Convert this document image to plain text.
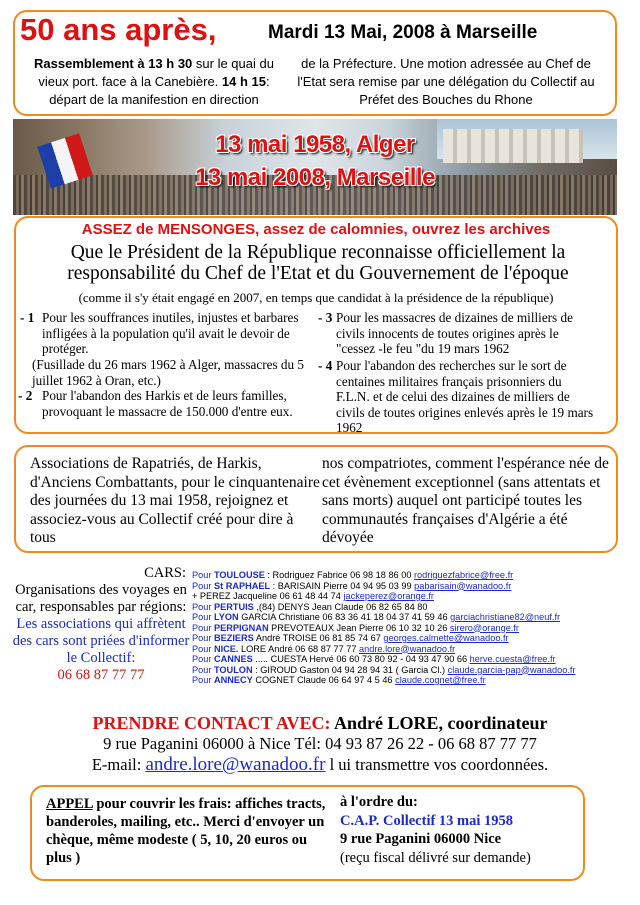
50 ans après,	Mardi 13 Mai, 2008 à Marseille
Rassemblement à 13 h 30 sur le quai du vieux port. face à la Canebière. 14 h 15: départ de la manifestion en direction
de la Préfecture. Une motion adressée au Chef de l'Etat sera remise par une délégation du Collectif au Préfet des Bouches du Rhone
13 mai 1958, Alger
13 mai 2008, Marseille
ASSEZ de MENSONGES, assez de calomnies, ouvrez les archives
Que le Président de la République reconnaisse officiellement la responsabilité du Chef de l'Etat et du Gouvernement de l'époque
(comme il s'y était engagé en 2007, en temps que candidat à la présidence de la république)
- 1 Pour les souffrances inutiles, injustes et barbares infligées à la population qu'il avait le devoir de protéger.
(Fusillade du 26 mars 1962 à Alger, massacres du 5 juillet 1962 à Oran, etc.)
- 2 Pour l'abandon des Harkis et de leurs familles, provoquant le massacre de 150.000 d'entre eux.
- 3 Pour les massacres de dizaines de milliers de civils innocents de toutes origines après le "cessez -le feu "du 19 mars 1962
- 4 Pour l'abandon des recherches sur le sort de centaines militaires français prisonniers du F.L.N. et de celui des dizaines de milliers de civils de toutes origines enlevés après le 19 mars 1962
Associations de Rapatriés, de Harkis, d'Anciens Combattants, pour le cinquantenaire des journées du 13 mai 1958, rejoignez et associez-vous au Collectif créé pour dire à tous
nos compatriotes, comment l'espérance née de cet évènement exceptionnel (sans attentats et sans morts) auquel ont participé toutes les communautés françaises d'Algérie a été dévoyée
CARS:
Organisations des voyages en car, responsables par régions:
Les associations qui affrètent des cars sont priées d'informer le Collectif:
06 68 87 77 77
Pour TOULOUSE : Rodriguez Fabrice 06 98 18 86 00 rodriguezfabrice@free.fr
Pour St RAPHAEL : BARISAIN Pierre 04 94 95 03 99 pabarisain@wanadoo.fr
+ PEREZ Jacqueline 06 61 48 44 74 jackeperez@orange.fr
Pour PERTUIS ,(84) DENYS Jean Claude 06 82 65 84 80
Pour LYON GARCIA Christiane 06 83 36 41 18 04 37 41 59 46 garciachristiane82@neuf.fr
Pour PERPIGNAN PREVOTEAUX Jean Pierre 06 10 32 10 26 sirero@orange.fr
Pour BEZIERS André TROISE 06 81 85 74 67 georges.calmette@wanadoo.fr
Pour NICE. LORE André 06 68 87 77 77 andre.lore@wanadoo.fr
Pour CANNES ..... CUESTA Hervé 06 60 73 80 92 - 04 93 47 90 66 herve.cuesta@free.fr
Pour TOULON : GIROUD Gaston 04 94 28 94 31 ( Garcia Cl.) claude.garcia-pap@wanadoo.fr
Pour ANNECY COGNET Claude 06 64 97 4 5 46 claude.cognet@free.fr
PRENDRE CONTACT AVEC: André LORE, coordinateur
9 rue Paganini 06000 à Nice Tél: 04 93 87 26 22 - 06 68 87 77 77
E-mail: andre.lore@wanadoo.fr l ui transmettre vos coordonnées.
APPEL pour couvrir les frais: affiches tracts, banderoles, mailing, etc.. Merci d'envoyer un chèque, même modeste ( 5, 10, 20 euros ou plus )
à l'ordre du:
C.A.P. Collectif 13 mai 1958
9 rue Paganini 06000 Nice
(reçu fiscal délivré sur demande)
